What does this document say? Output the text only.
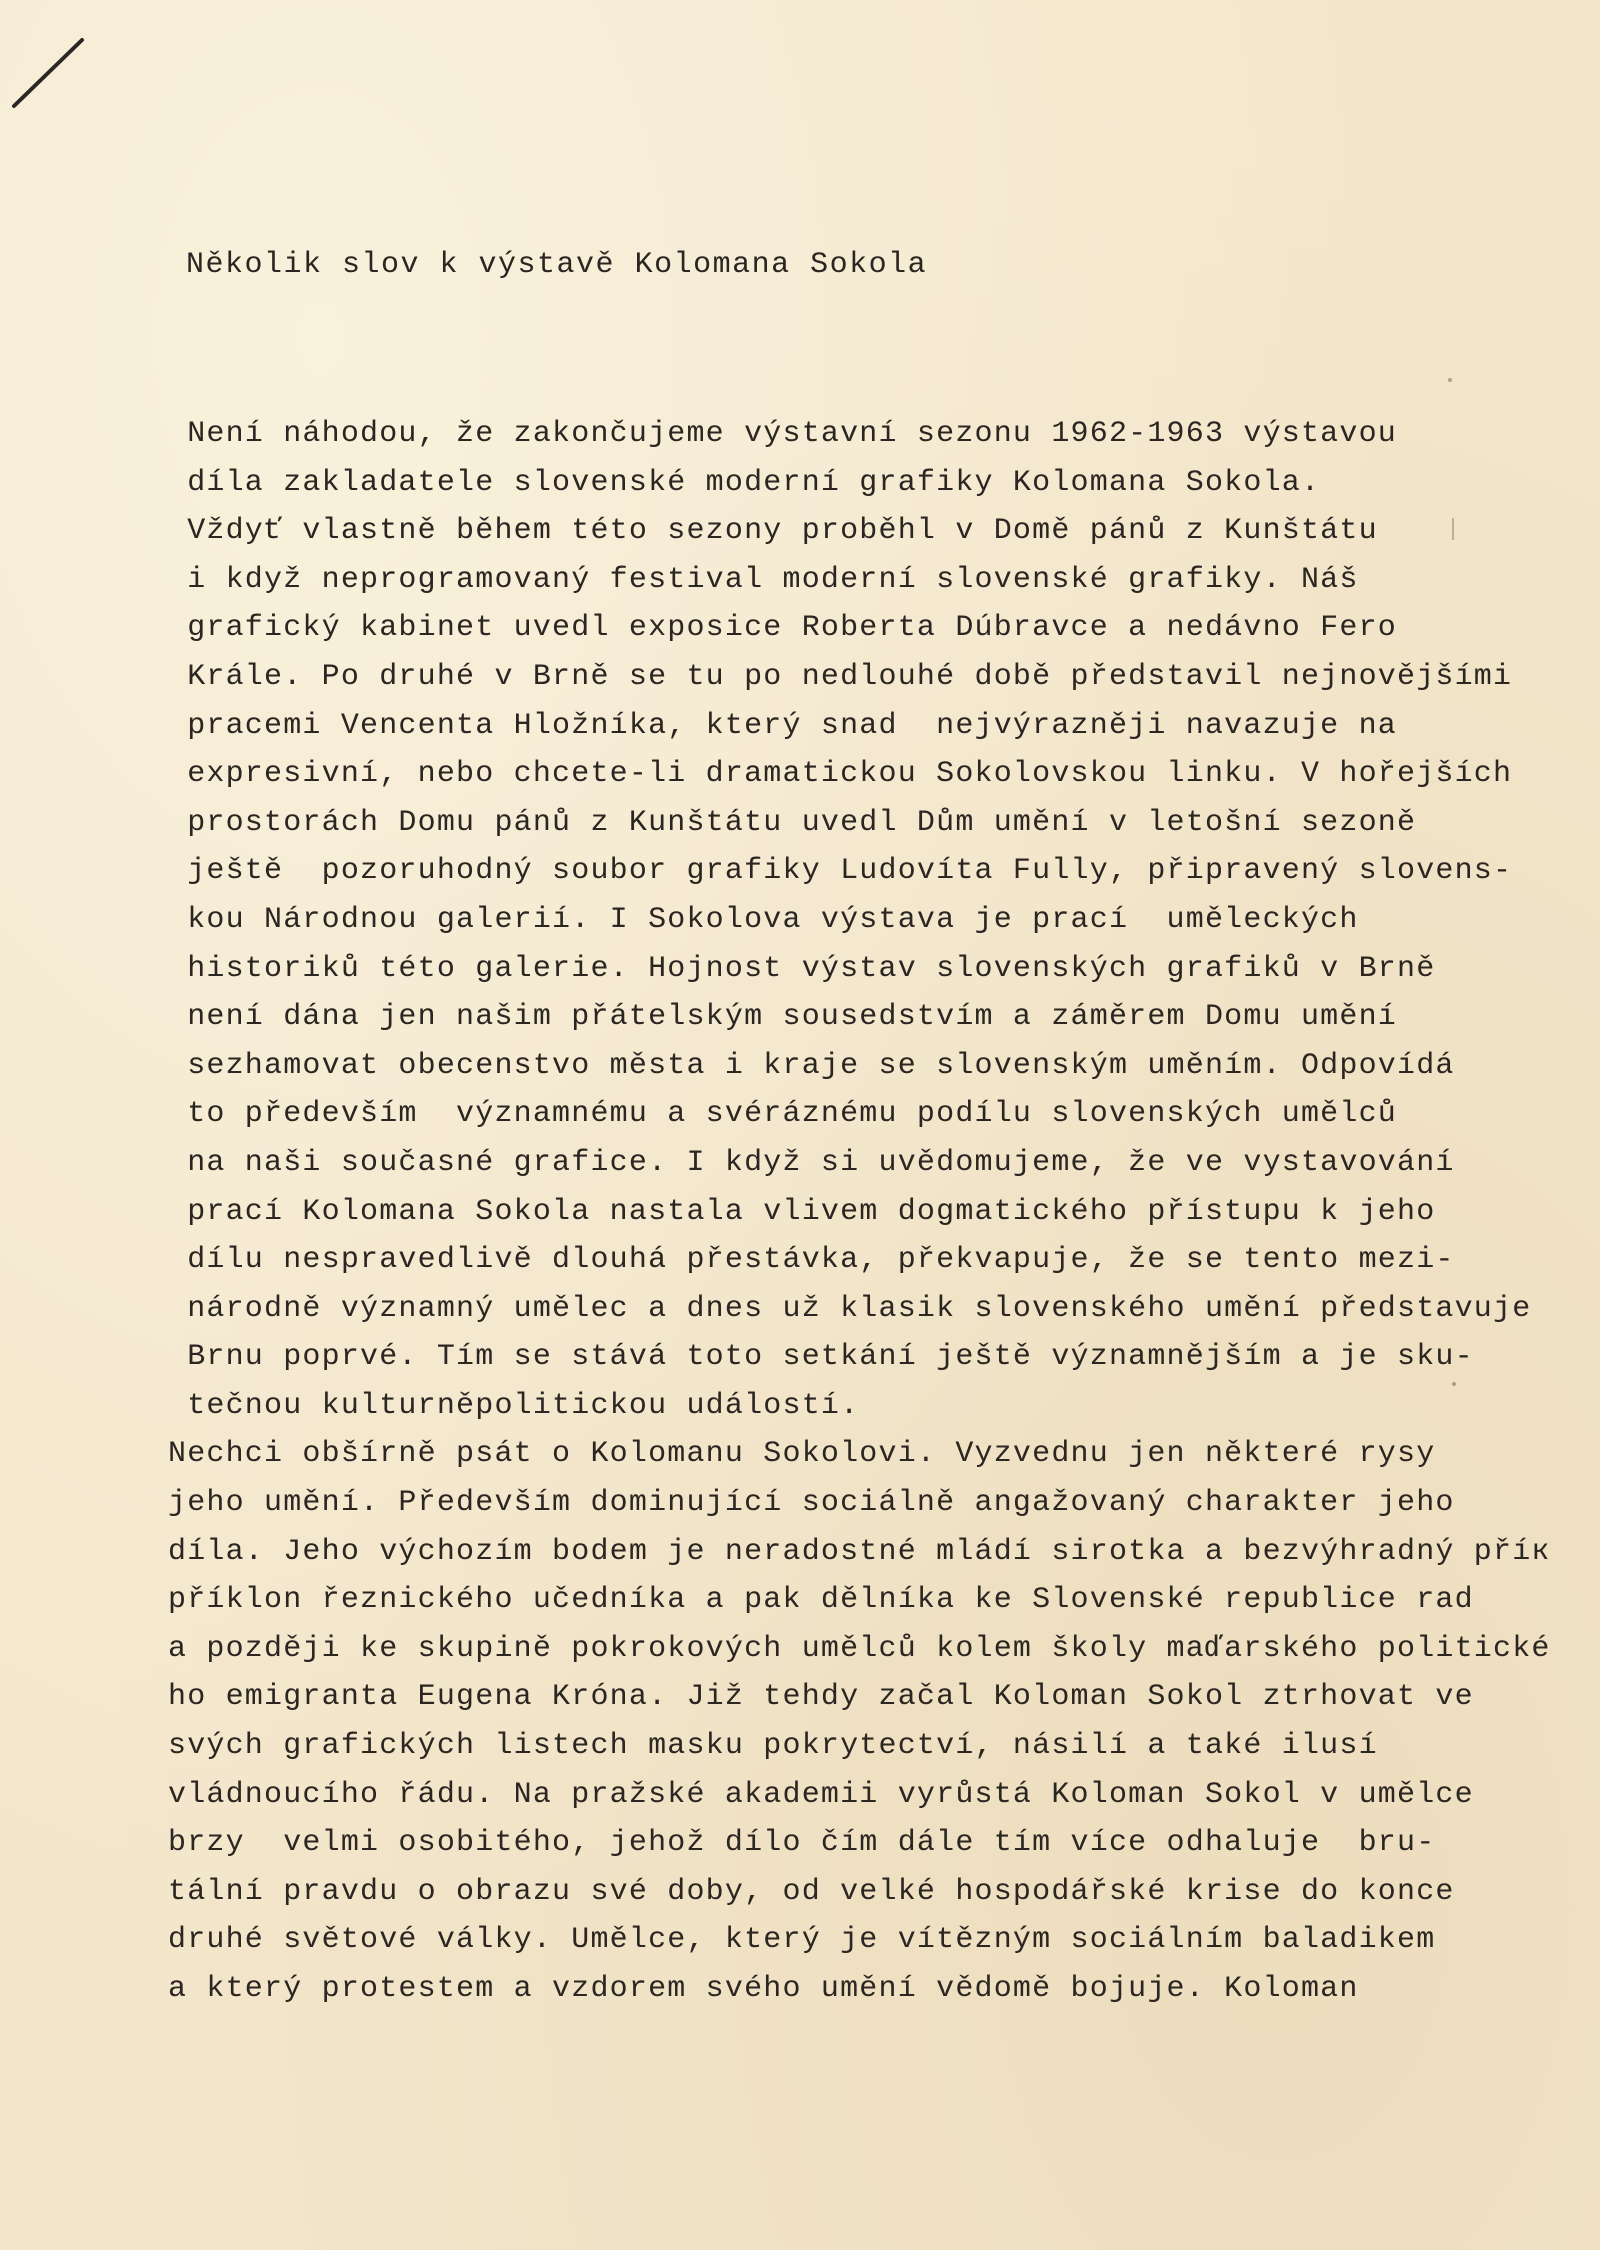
Několik slov k výstavě Kolomana Sokola
Není náhodou, že zakončujeme výstavní sezonu 1962-1963 výstavou
díla zakladatele slovenské moderní grafiky Kolomana Sokola.
Vždyť vlastně během této sezony proběhl v Domě pánů z Kunštátu
i když neprogramovaný festival moderní slovenské grafiky. Náš
grafický kabinet uvedl exposice Roberta Dúbravce a nedávno Fero
Krále. Po druhé v Brně se tu po nedlouhé době představil nejnovějšími
pracemi Vencenta Hložníka, který snad  nejvýrazněji navazuje na
expresivní, nebo chcete-li dramatickou Sokolovskou linku. V hořejších
prostorách Domu pánů z Kunštátu uvedl Dům umění v letošní sezoně
ještě  pozoruhodný soubor grafiky Ludovíta Fully, připravený slovens-
kou Národnou galerií. I Sokolova výstava je prací  uměleckých
historiků této galerie. Hojnost výstav slovenských grafiků v Brně
není dána jen našim přátelským sousedstvím a záměrem Domu umění
sezhamovat obecenstvo města i kraje se slovenským uměním. Odpovídá
to především  významnému a svéráznému podílu slovenských umělců
na naši současné grafice. I když si uvědomujeme, že ve vystavování
prací Kolomana Sokola nastala vlivem dogmatického přístupu k jeho
dílu nespravedlivě dlouhá přestávka, překvapuje, že se tento mezi-
národně významný umělec a dnes už klasik slovenského umění představuje
Brnu poprvé. Tím se stává toto setkání ještě významnějším a je sku-
tečnou kulturněpolitickou událostí.
Nechci obšírně psát o Kolomanu Sokolovi. Vyzvednu jen některé rysy
jeho umění. Především dominující sociálně angažovaný charakter jeho
díla. Jeho výchozím bodem je neradostné mládí sirotka a bezvýhradný příк
příklon řeznického učedníka a pak dělníka ke Slovenské republice rad
a později ke skupině pokrokových umělců kolem školy maďarského politické
ho emigranta Eugena Króna. Již tehdy začal Koloman Sokol ztrhovat ve
svých grafických listech masku pokrytectví, násilí a také ilusí
vládnoucího řádu. Na pražské akademii vyrůstá Koloman Sokol v umělce
brzy  velmi osobitého, jehož dílo čím dále tím více odhaluje  bru-
tální pravdu o obrazu své doby, od velké hospodářské krise do konce
druhé světové války. Umělce, který je vítězným sociálním baladikem
a který protestem a vzdorem svého umění vědomě bojuje. Koloman
